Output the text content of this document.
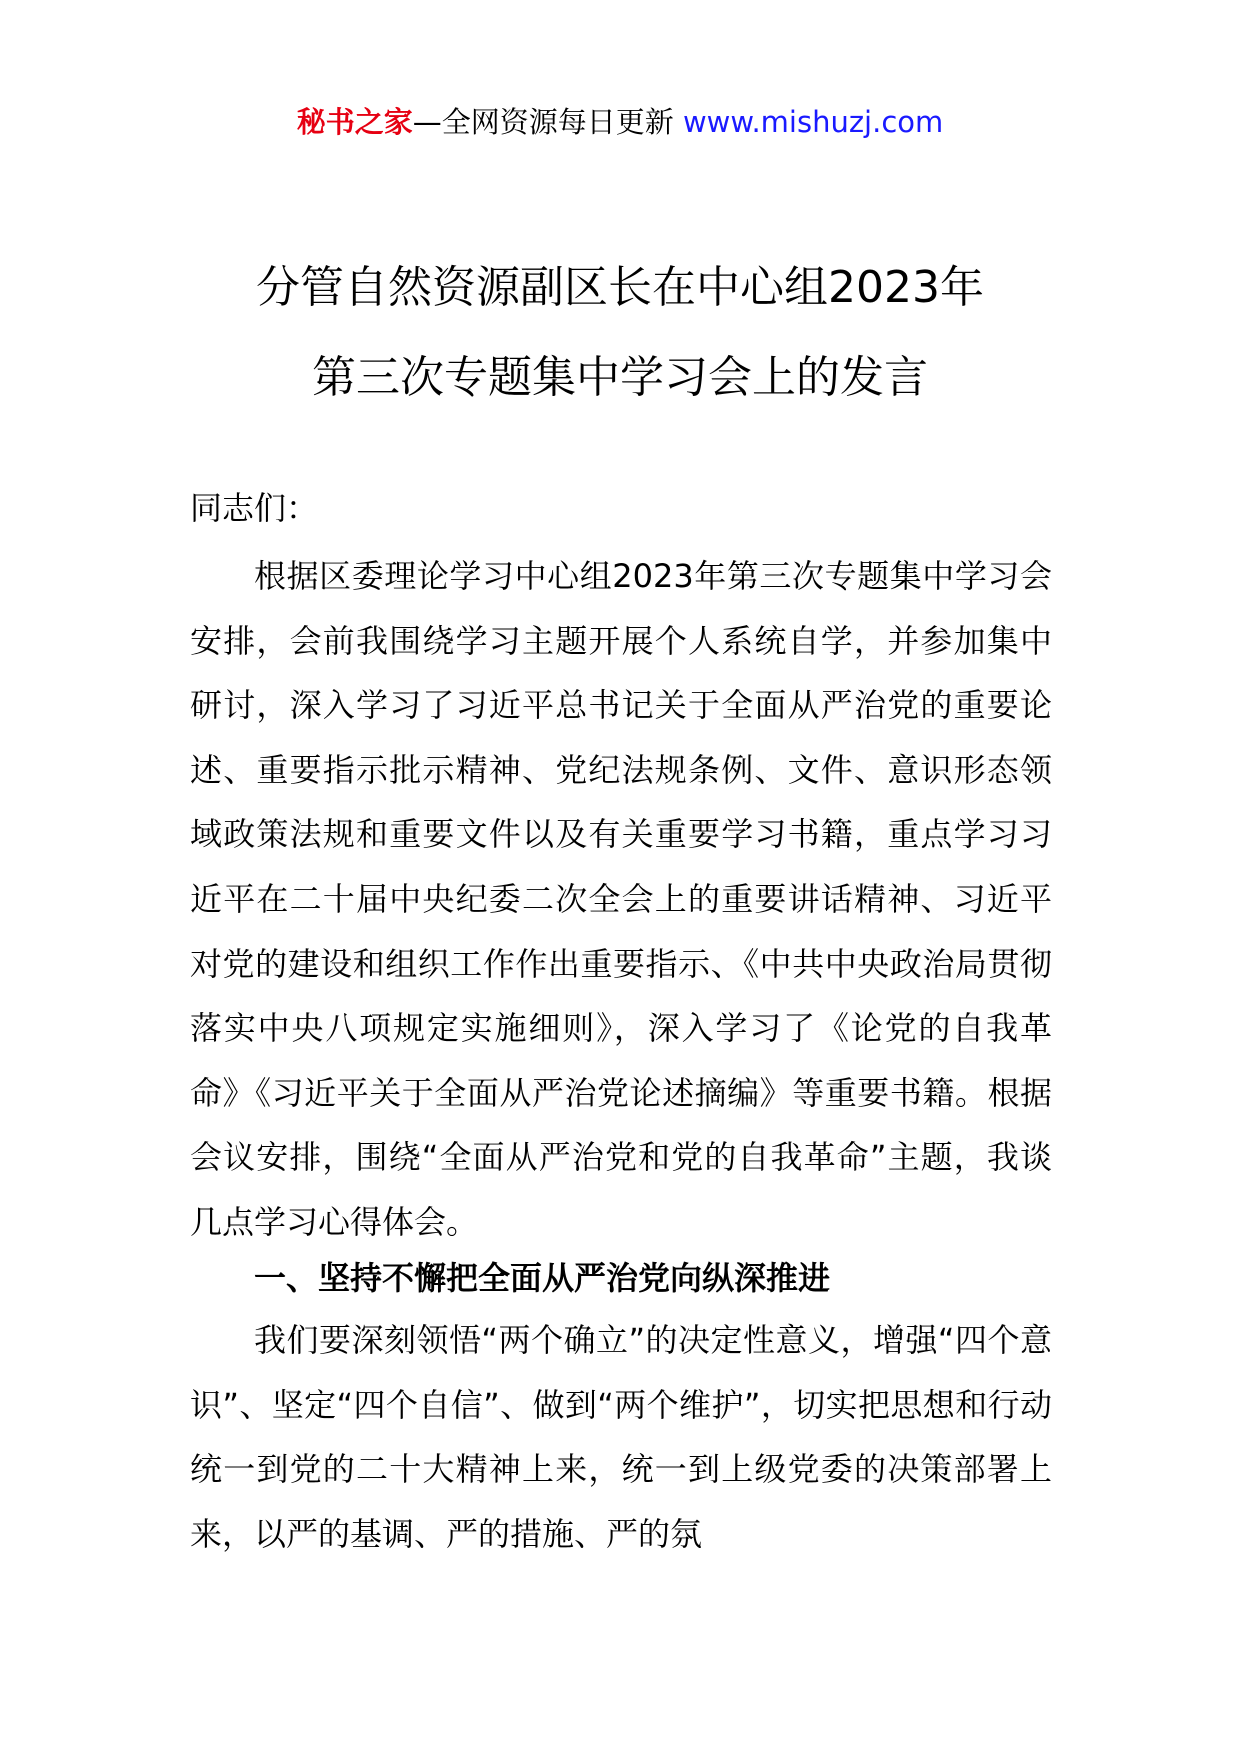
秘书之家—全网资源每日更新 www.mishuzj.com
分管自然资源副区长在中心组2023年
第三次专题集中学习会上的发言
同志们：
根据区委理论学习中心组2023年第三次专题集中学习会安排，会前我围绕学习主题开展个人系统自学，并参加集中研讨，深入学习了习近平总书记关于全面从严治党的重要论述、重要指示批示精神、党纪法规条例、文件、意识形态领域政策法规和重要文件以及有关重要学习书籍，重点学习习近平在二十届中央纪委二次全会上的重要讲话精神、习近平对党的建设和组织工作作出重要指示、《中共中央政治局贯彻落实中央八项规定实施细则》，深入学习了《论党的自我革命》《习近平关于全面从严治党论述摘编》等重要书籍。根据会议安排，围绕“全面从严治党和党的自我革命”主题，我谈几点学习心得体会。
一、坚持不懈把全面从严治党向纵深推进
我们要深刻领悟“两个确立”的决定性意义，增强“四个意识”、坚定“四个自信”、做到“两个维护”，切实把思想和行动统一到党的二十大精神上来，统一到上级党委的决策部署上来，以严的基调、严的措施、严的氛
